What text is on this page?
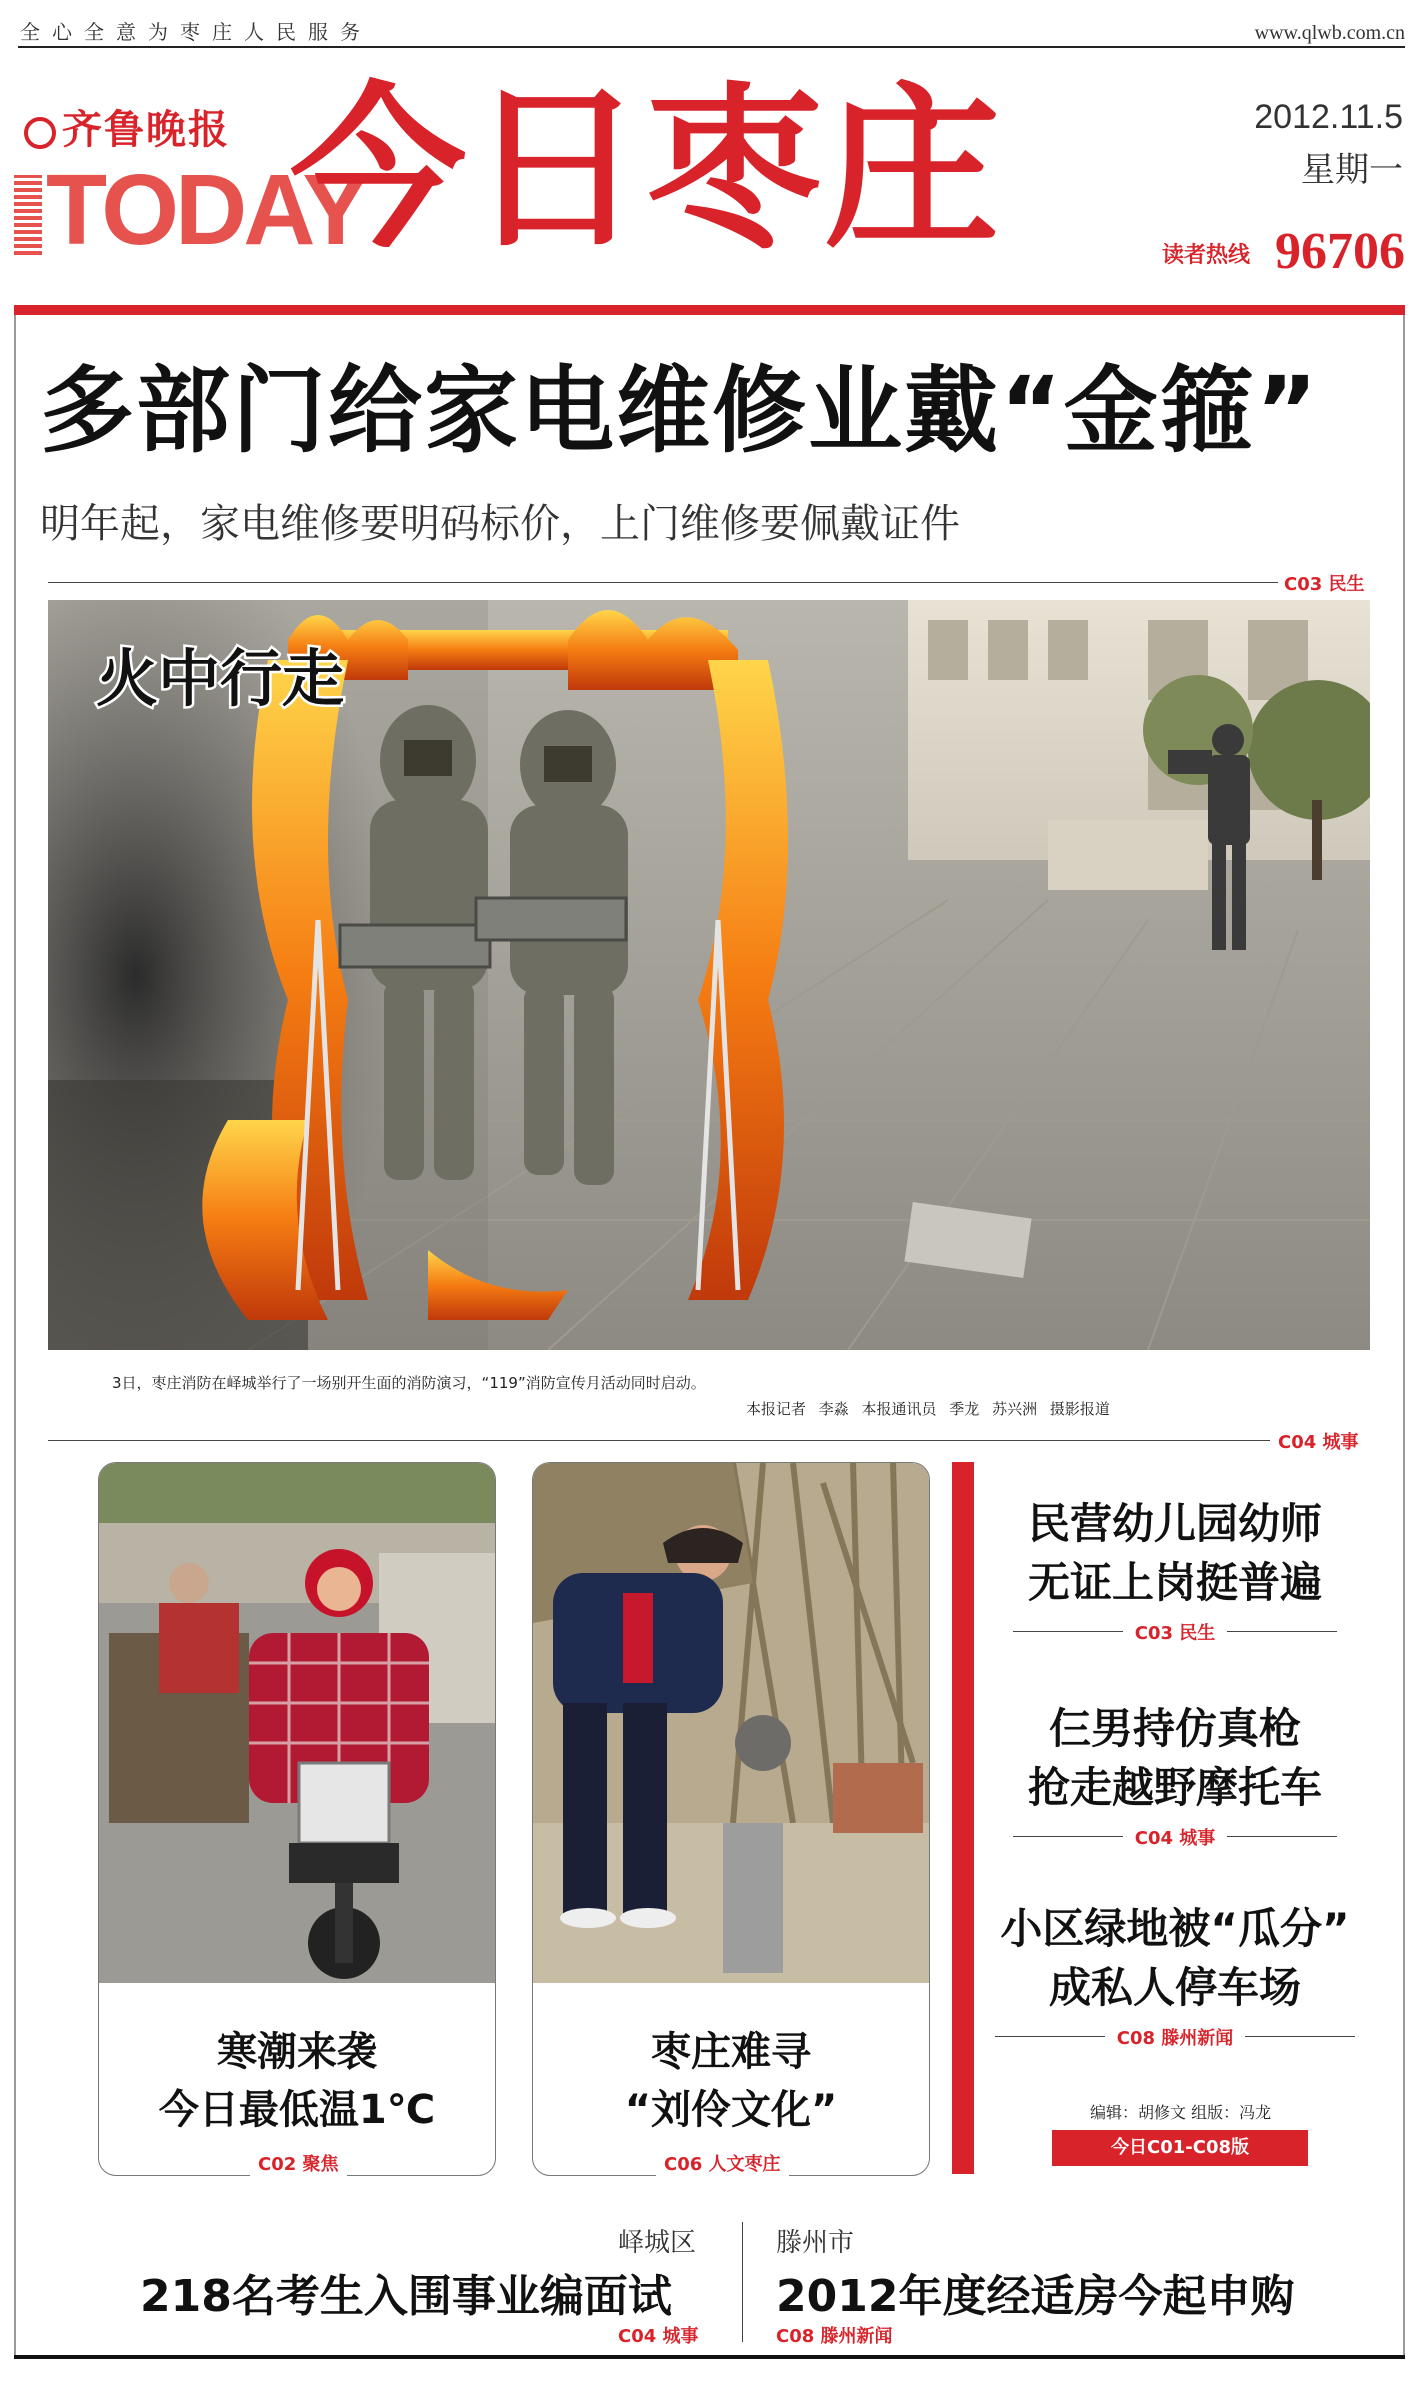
全心全意为枣庄人民服务	www.qlwb.com.cn
齐鲁晚报
TODAY
今日枣庄	2012.11.5
星期一
读者热线 96706
多部门给家电维修业戴“金箍”
明年起，家电维修要明码标价，上门维修要佩戴证件
C03 民生
火中行走
3日，枣庄消防在峄城举行了一场别开生面的消防演习，“119”消防宣传月活动同时启动。
本报记者 李淼 本报通讯员 季龙 苏兴洲 摄影报道
C04 城事
寒潮来袭
今日最低温1℃
C02 聚焦
枣庄难寻
“刘伶文化”
C06 人文枣庄
民营幼儿园幼师
无证上岗挺普遍
C03 民生
仨男持仿真枪
抢走越野摩托车
C04 城事
小区绿地被“瓜分”
成私人停车场
C08 滕州新闻
编辑：胡修文 组版：冯龙
今日C01-C08版
峄城区
218名考生入围事业编面试
C04 城事
滕州市
2012年度经适房今起申购
C08 滕州新闻
